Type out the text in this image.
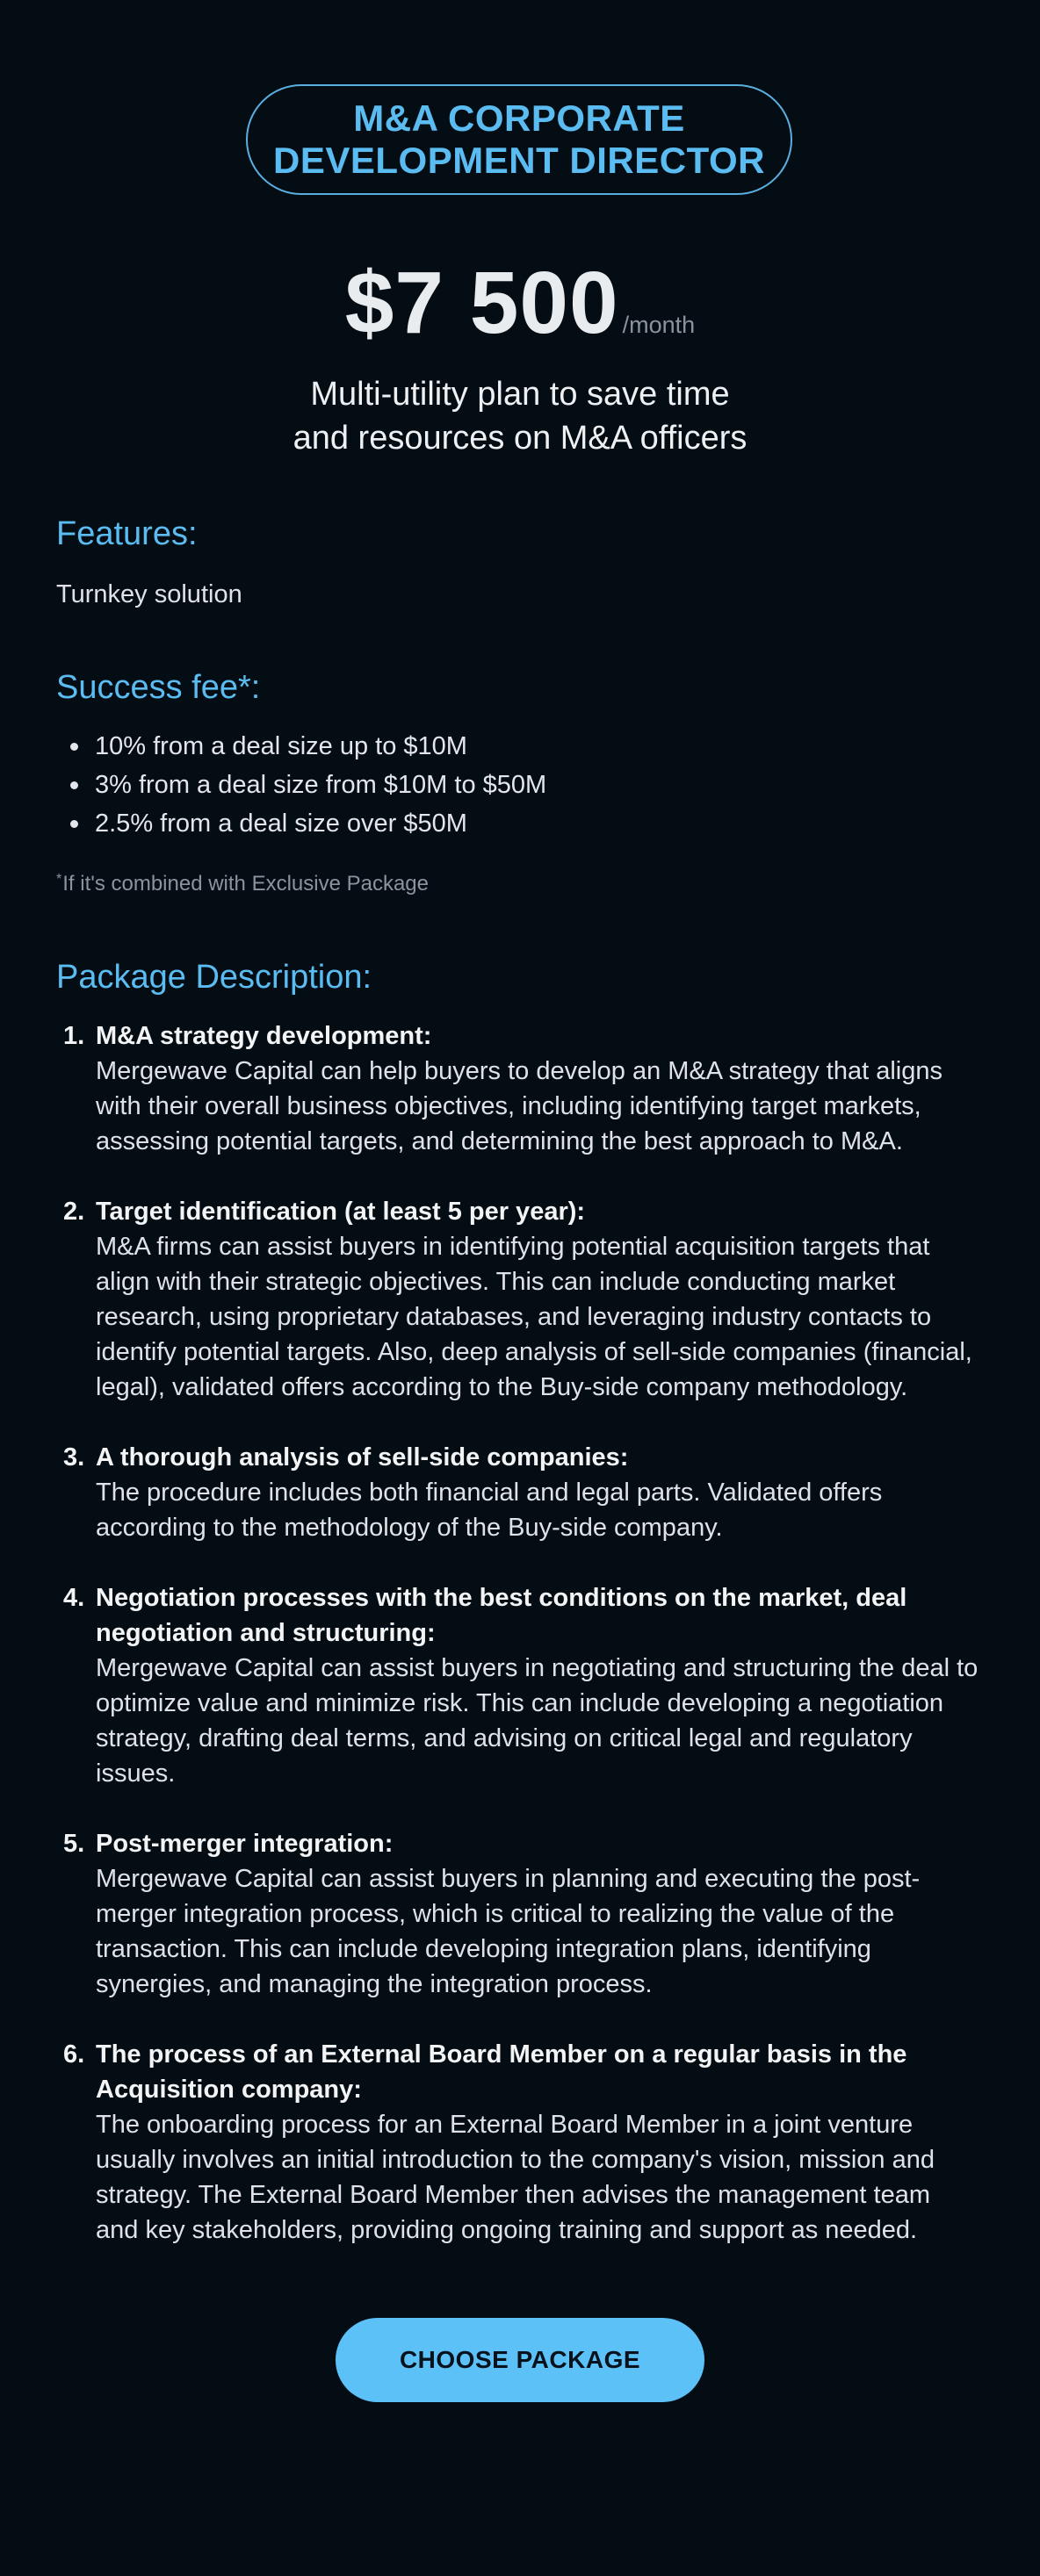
M&A CORPORATE DEVELOPMENT DIRECTOR
$7 500 /month
Multi-utility plan to save time
and resources on M&A officers
Features:
Turnkey solution
Success fee*:
10% from a deal size up to $10M
3% from a deal size from $10M to $50M
2.5% from a deal size over $50M
*If it's combined with Exclusive Package
Package Description:
1. M&A strategy development:
Mergewave Capital can help buyers to develop an M&A strategy that aligns with their overall business objectives, including identifying target markets, assessing potential targets, and determining the best approach to M&A.
2. Target identification (at least 5 per year):
M&A firms can assist buyers in identifying potential acquisition targets that align with their strategic objectives. This can include conducting market research, using proprietary databases, and leveraging industry contacts to identify potential targets. Also, deep analysis of sell-side companies (financial, legal), validated offers according to the Buy-side company methodology.
3. A thorough analysis of sell-side companies:
The procedure includes both financial and legal parts. Validated offers according to the methodology of the Buy-side company.
4. Negotiation processes with the best conditions on the market, deal negotiation and structuring:
Mergewave Capital can assist buyers in negotiating and structuring the deal to optimize value and minimize risk. This can include developing a negotiation strategy, drafting deal terms, and advising on critical legal and regulatory issues.
5. Post-merger integration:
Mergewave Capital can assist buyers in planning and executing the post-merger integration process, which is critical to realizing the value of the transaction. This can include developing integration plans, identifying synergies, and managing the integration process.
6. The process of an External Board Member on a regular basis in the Acquisition company:
The onboarding process for an External Board Member in a joint venture usually involves an initial introduction to the company's vision, mission and strategy. The External Board Member then advises the management team and key stakeholders, providing ongoing training and support as needed.
CHOOSE PACKAGE
